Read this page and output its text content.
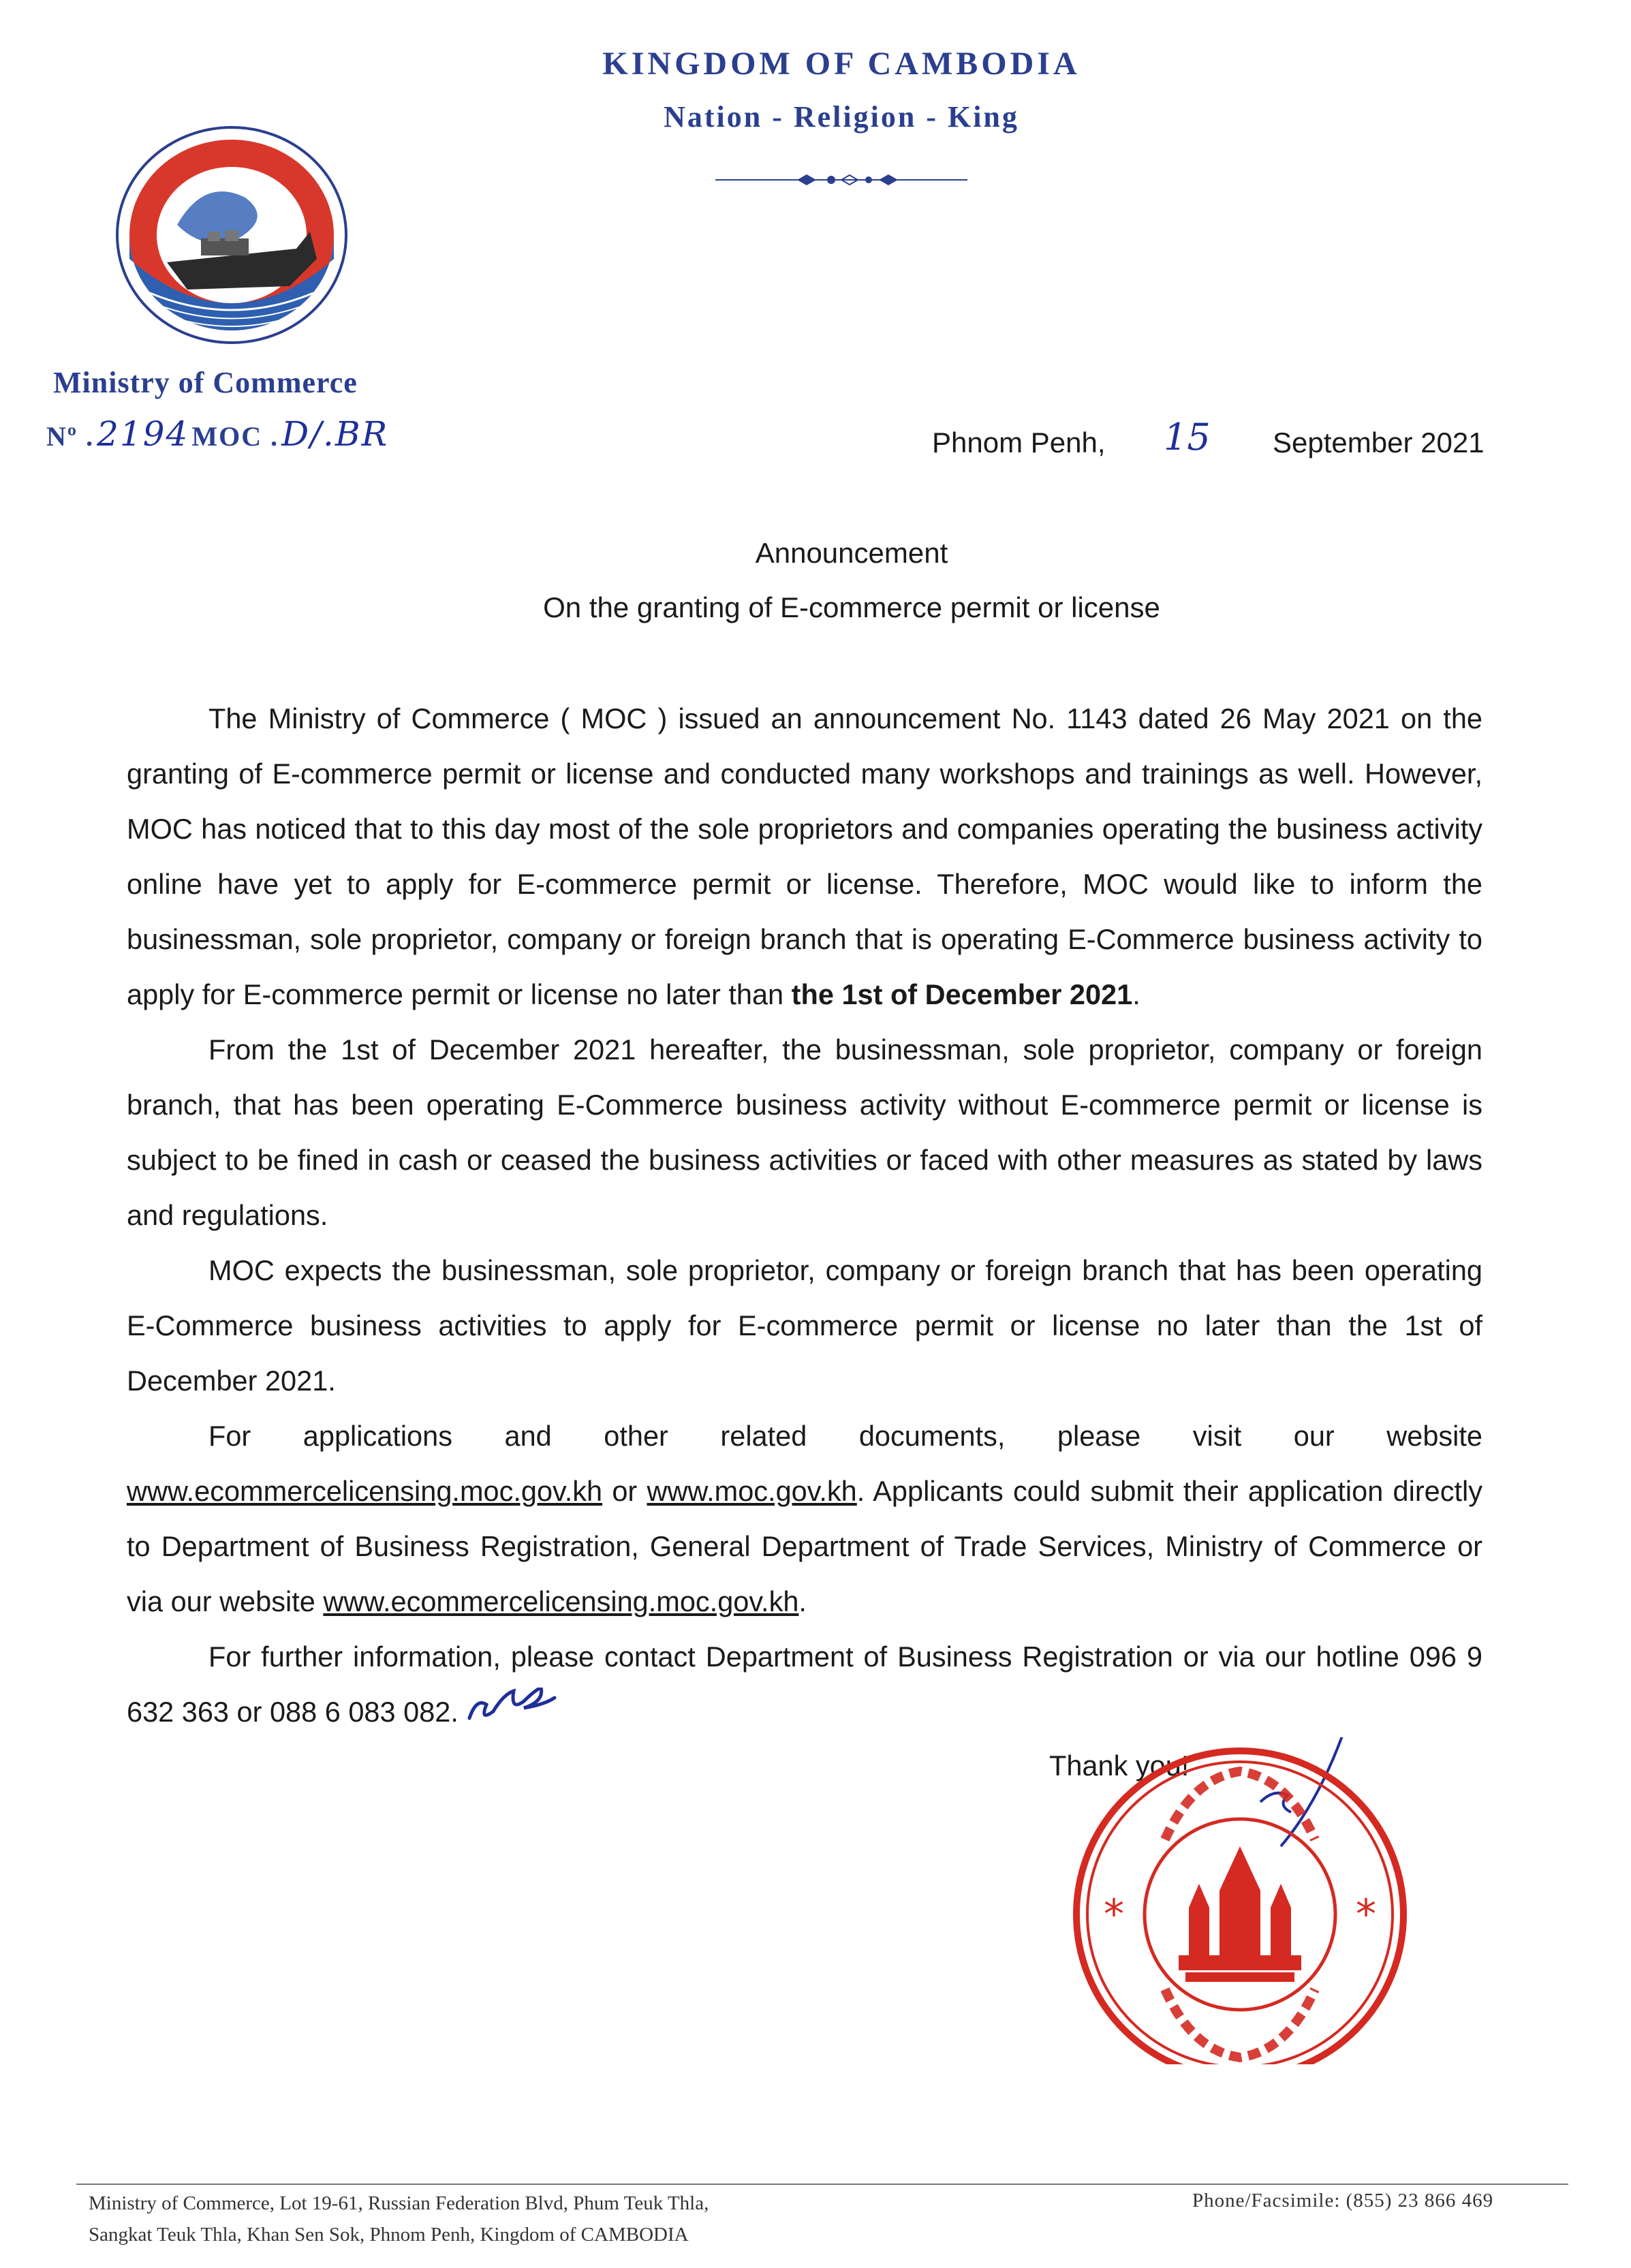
KINGDOM OF CAMBODIA
Nation - Religion - King
Ministry of Commerce
Nº . 2194 MOC . D/.BR	Phnom Penh, 15 September 2021
Announcement
On the granting of E-commerce permit or license

The Ministry of Commerce ( MOC ) issued an announcement No. 1143 dated 26 May 2021 on the granting of E-commerce permit or license and conducted many workshops and trainings as well. However, MOC has noticed that to this day most of the sole proprietors and companies operating the business activity online have yet to apply for E-commerce permit or license. Therefore, MOC would like to inform the businessman, sole proprietor, company or foreign branch that is operating E-Commerce business activity to apply for E-commerce permit or license no later than the 1st of December 2021.

From the 1st of December 2021 hereafter, the businessman, sole proprietor, company or foreign branch, that has been operating E-Commerce business activity without E-commerce permit or license is subject to be fined in cash or ceased the business activities or faced with other measures as stated by laws and regulations.

MOC expects the businessman, sole proprietor, company or foreign branch that has been operating E-Commerce business activities to apply for E-commerce permit or license no later than the 1st of December 2021.

For applications and other related documents, please visit our website www.ecommercelicensing.moc.gov.kh or www.moc.gov.kh. Applicants could submit their application directly to Department of Business Registration, General Department of Trade Services, Ministry of Commerce or via our website www.ecommercelicensing.moc.gov.kh.

For further information, please contact Department of Business Registration or via our hotline 096 9 632 363 or 088 6 083 082.

Thank you!
*	*
Ministry of Commerce, Lot 19-61, Russian Federation Blvd, Phum Teuk Thla,
Sangkat Teuk Thla, Khan Sen Sok, Phnom Penh, Kingdom of CAMBODIA
Phone/Facsimile: (855) 23 866 469
